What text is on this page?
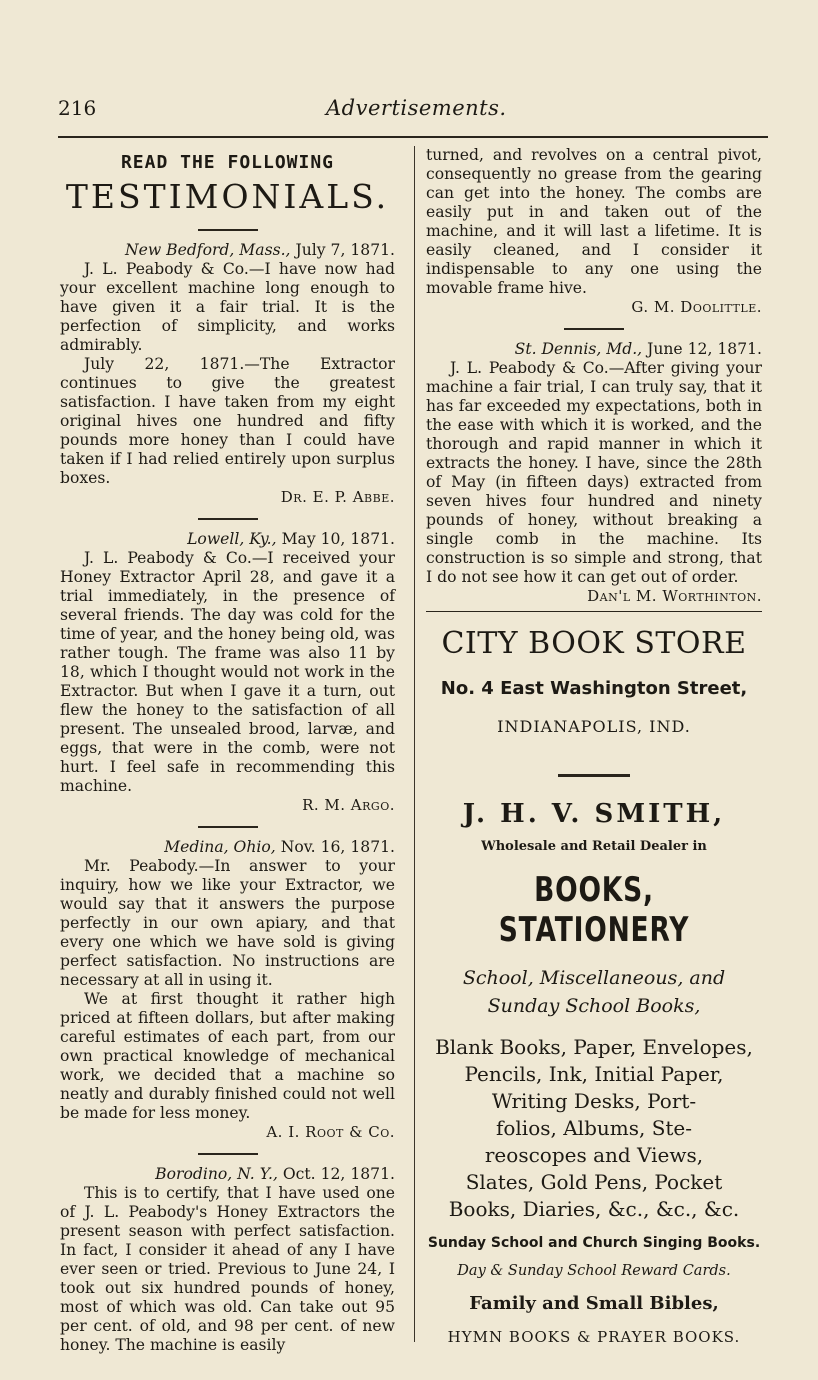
216	Advertisements.
READ THE FOLLOWING
TESTIMONIALS.
New Bedford, Mass., July 7, 1871.

J. L. Peabody & Co.—I have now had your excellent machine long enough to have given it a fair trial. It is the perfection of simplicity, and works admirably.

July 22, 1871.—The Extractor continues to give the greatest satisfaction. I have taken from my eight original hives one hundred and fifty pounds more honey than I could have taken if I had relied entirely upon surplus boxes.

Dr. E. P. Abbe.
Lowell, Ky., May 10, 1871.

J. L. Peabody & Co.—I received your Honey Extractor April 28, and gave it a trial immediately, in the presence of several friends. The day was cold for the time of year, and the honey being old, was rather tough. The frame was also 11 by 18, which I thought would not work in the Extractor. But when I gave it a turn, out flew the honey to the satisfaction of all present. The unsealed brood, larvæ, and eggs, that were in the comb, were not hurt. I feel safe in recommending this machine.

R. M. Argo.
Medina, Ohio, Nov. 16, 1871.

Mr. Peabody.—In answer to your inquiry, how we like your Extractor, we would say that it answers the purpose perfectly in our own apiary, and that every one which we have sold is giving perfect satisfaction. No instructions are necessary at all in using it.

We at first thought it rather high priced at fifteen dollars, but after making careful estimates of each part, from our own practical knowledge of mechanical work, we decided that a machine so neatly and durably finished could not well be made for less money.

A. I. Root & Co.
Borodino, N. Y., Oct. 12, 1871.

This is to certify, that I have used one of J. L. Peabody's Honey Extractors the present season with perfect satisfaction. In fact, I consider it ahead of any I have ever seen or tried. Previous to June 24, I took out six hundred pounds of honey, most of which was old. Can take out 95 per cent. of old, and 98 per cent. of new honey. The machine is easily

turned, and revolves on a central pivot, consequently no grease from the gearing can get into the honey. The combs are easily put in and taken out of the machine, and it will last a lifetime. It is easily cleaned, and I consider it indispensable to any one using the movable frame hive.

G. M. Doolittle.
St. Dennis, Md., June 12, 1871.

J. L. Peabody & Co.—After giving your machine a fair trial, I can truly say, that it has far exceeded my expectations, both in the ease with which it is worked, and the thorough and rapid manner in which it extracts the honey. I have, since the 28th of May (in fifteen days) extracted from seven hives four hundred and ninety pounds of honey, without breaking a single comb in the machine. Its construction is so simple and strong, that I do not see how it can get out of order.

Dan'l M. Worthinton.
CITY BOOK STORE
No. 4 East Washington Street,
INDIANAPOLIS, IND.
J. H. V. SMITH,
Wholesale and Retail Dealer in
BOOKS, STATIONERY
School, Miscellaneous, and
Sunday School Books,
Blank Books, Paper, Envelopes,
Pencils, Ink, Initial Paper,
Writing Desks, Port-
folios, Albums, Ste-
reoscopes and Views,
Slates, Gold Pens, Pocket
Books, Diaries, &c., &c., &c.
Sunday School and Church Singing Books.
Day & Sunday School Reward Cards.
Family and Small Bibles,
HYMN BOOKS & PRAYER BOOKS.
